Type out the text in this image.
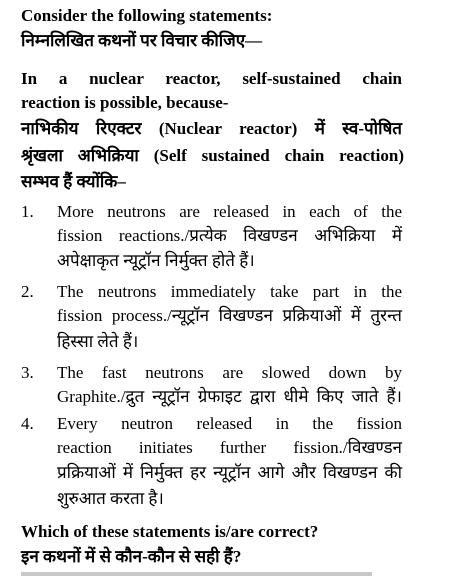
Consider the following statements:
निम्नलिखित कथनों पर विचार कीजिए—
In a nuclear reactor, self-sustained chain
reaction is possible, because-
नाभिकीय रिएक्टर (Nuclear reactor) में स्व-पोषित
श्रृंखला अभिक्रिया (Self sustained chain reaction)
सम्भव हैं क्योंकि–
1. More neutrons are released in each of the
fission reactions./प्रत्येक विखण्डन अभिक्रिया में
अपेक्षाकृत न्यूट्रॉन निर्मुक्त होते हैं।
2. The neutrons immediately take part in the
fission process./न्यूट्रॉन विखण्डन प्रक्रियाओं में तुरन्त
हिस्सा लेते हैं।
3. The fast neutrons are slowed down by
Graphite./द्रुत न्यूट्रॉन ग्रेफाइट द्वारा धीमे किए जाते हैं।
4. Every neutron released in the fission
reaction initiates further fission./विखण्डन
प्रक्रियाओं में निर्मुक्त हर न्यूट्रॉन आगे और विखण्डन की
शुरुआत करता है।
Which of these statements is/are correct?
इन कथनों में से कौन-कौन से सही हैं?
